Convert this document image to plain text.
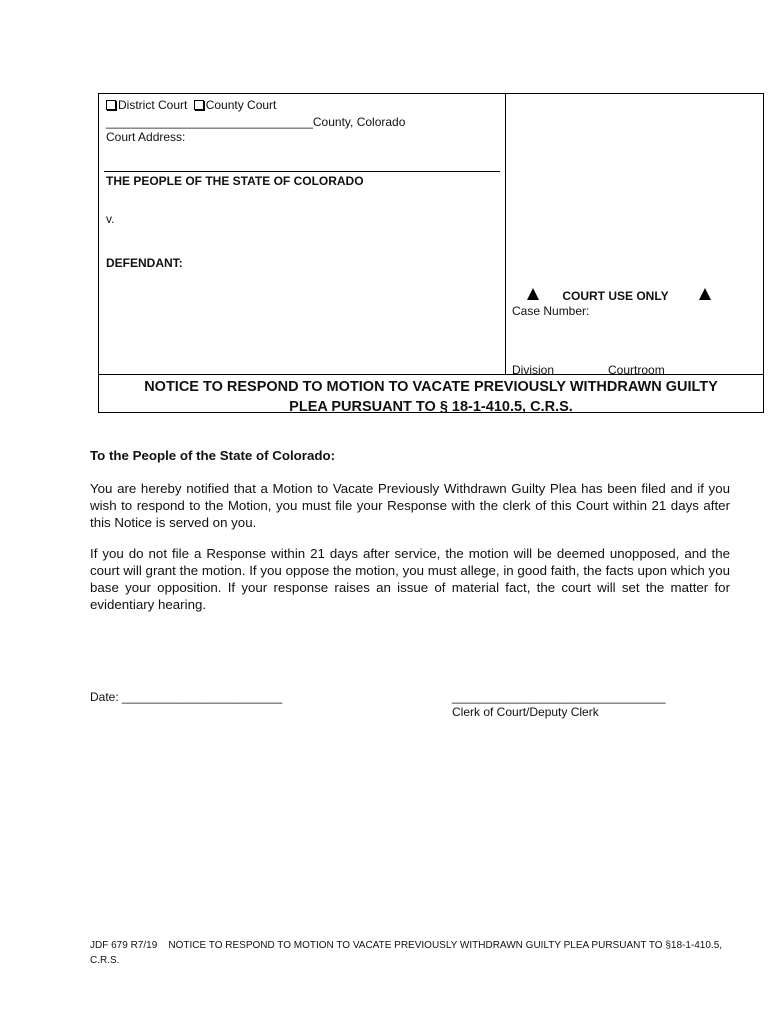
District Court County Court
_______________________________County, Colorado
Court Address:
THE PEOPLE OF THE STATE OF COLORADO
v.
DEFENDANT:
COURT USE ONLY
Case Number:
Division	Courtroom
NOTICE TO RESPOND TO MOTION TO VACATE PREVIOUSLY WITHDRAWN GUILTY
PLEA PURSUANT TO § 18-1-410.5, C.R.S.
To the People of the State of Colorado:
You are hereby notified that a Motion to Vacate Previously Withdrawn Guilty Plea has been filed and if you wish to respond to the Motion, you must file your Response with the clerk of this Court within 21 days after this Notice is served on you.
If you do not file a Response within 21 days after service, the motion will be deemed unopposed, and the court will grant the motion. If you oppose the motion, you must allege, in good faith, the facts upon which you base your opposition. If your response raises an issue of material fact, the court will set the matter for evidentiary hearing.
Date: ________________________	________________________________
Clerk of Court/Deputy Clerk
JDF 679 R7/19 NOTICE TO RESPOND TO MOTION TO VACATE PREVIOUSLY WITHDRAWN GUILTY PLEA PURSUANT TO §18-1-410.5, C.R.S.
